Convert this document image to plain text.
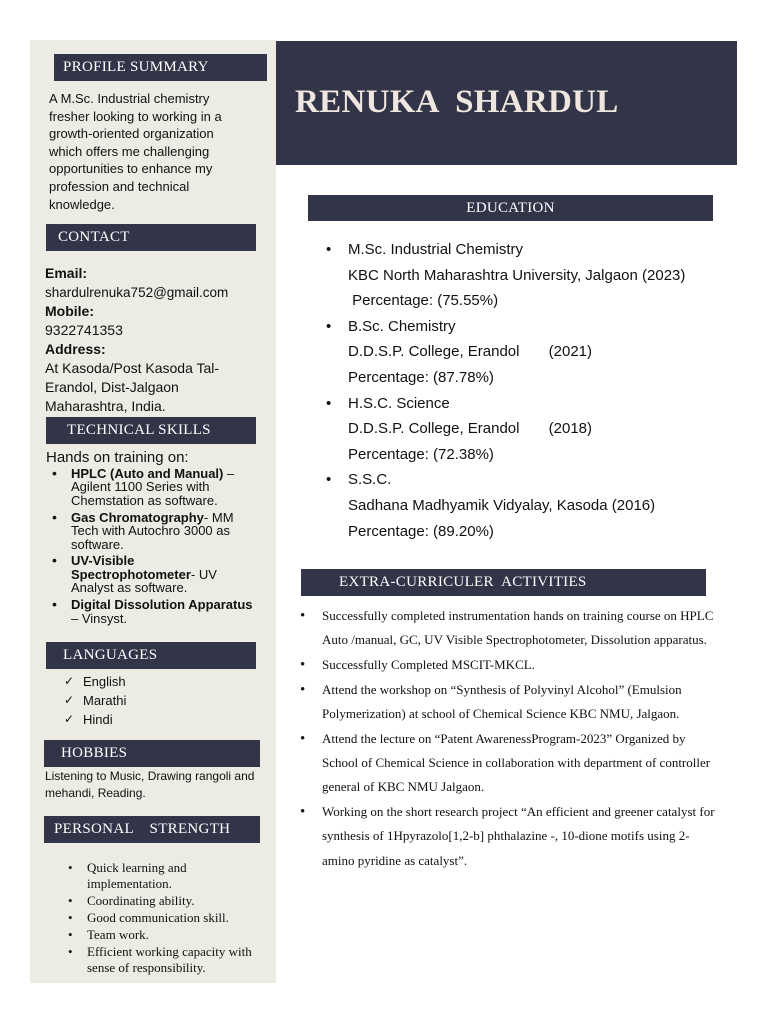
PROFILE SUMMARY
A M.Sc. Industrial chemistry fresher looking to working in a growth-oriented organization which offers me challenging opportunities to enhance my profession and technical knowledge.
CONTACT
Email:
shardulrenuka752@gmail.com
Mobile:
9322741353
Address:
At Kasoda/Post Kasoda Tal-
Erandol, Dist-Jalgaon
Maharashtra, India.
TECHNICAL SKILLS
Hands on training on:
• HPLC (Auto and Manual) – Agilent 1100 Series with Chemstation as software.
• Gas Chromatography- MM Tech with Autochro 3000 as software.
• UV-Visible Spectrophotometer- UV Analyst as software.
• Digital Dissolution Apparatus – Vinsyst.
LANGUAGES
✓ English
✓ Marathi
✓ Hindi
HOBBIES
Listening to Music, Drawing rangoli and mehandi, Reading.
PERSONAL    STRENGTH
• Quick learning and implementation.
• Coordinating ability.
• Good communication skill.
• Team work.
• Efficient working capacity with sense of responsibility.
RENUKA  SHARDUL
EDUCATION
• M.Sc. Industrial Chemistry
KBC North Maharashtra University, Jalgaon (2023)
Percentage: (75.55%)
• B.Sc. Chemistry
D.D.S.P. College, Erandol       (2021)
Percentage: (87.78%)
• H.S.C. Science
D.D.S.P. College, Erandol       (2018)
Percentage: (72.38%)
• S.S.C.
Sadhana Madhyamik Vidyalay, Kasoda (2016)
Percentage: (89.20%)
EXTRA-CURRICULER  ACTIVITIES
• Successfully completed instrumentation hands on training course on HPLC Auto /manual, GC, UV Visible Spectrophotometer, Dissolution apparatus.
• Successfully Completed MSCIT-MKCL.
• Attend the workshop on “Synthesis of Polyvinyl Alcohol” (Emulsion Polymerization) at school of Chemical Science KBC NMU, Jalgaon.
• Attend the lecture on “Patent AwarenessProgram-2023” Organized by School of Chemical Science in collaboration with department of controller general of KBC NMU Jalgaon.
• Working on the short research project “An efficient and greener catalyst for synthesis of 1Hpyrazolo[1,2-b] phthalazine -, 10-dione motifs using 2-amino pyridine as catalyst”.
